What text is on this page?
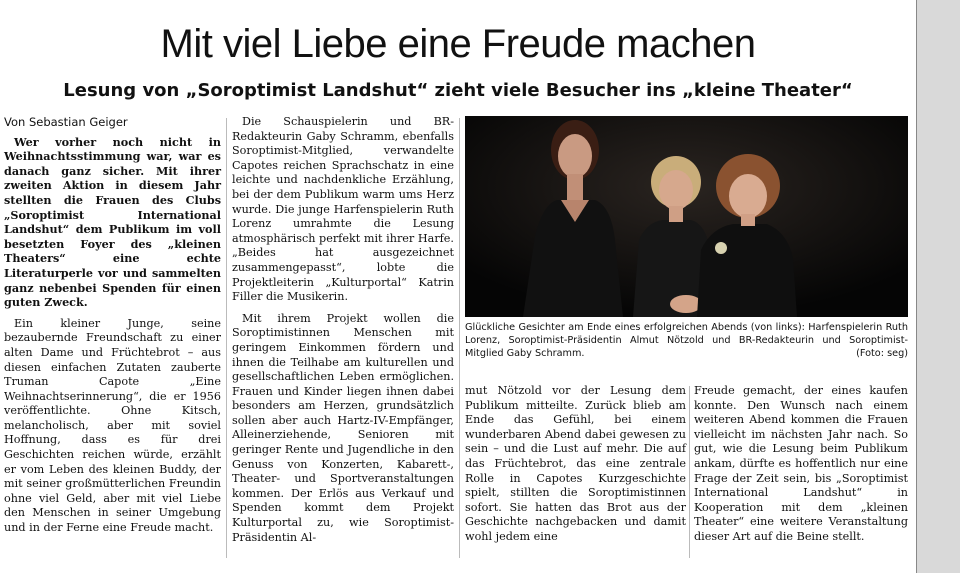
Mit viel Liebe eine Freude machen
Lesung von „Soroptimist Landshut“ zieht viele Besucher ins „kleine Theater“
Von Sebastian Geiger

Wer vorher noch nicht in Weihnachtsstimmung war, war es danach ganz sicher. Mit ihrer zweiten Aktion in diesem Jahr stellten die Frauen des Clubs „Soroptimist International Landshut“ dem Publikum im voll besetzten Foyer des „kleinen Theaters“ eine echte Literaturperle vor und sammelten ganz nebenbei Spenden für einen guten Zweck.

Ein kleiner Junge, seine bezaubernde Freundschaft zu einer alten Dame und Früchtebrot – aus diesen einfachen Zutaten zauberte Truman Capote „Eine Weihnachtserinnerung“, die er 1956 veröffentlichte. Ohne Kitsch, melancholisch, aber mit soviel Hoffnung, dass es für drei Geschichten reichen würde, erzählt er vom Leben des kleinen Buddy, der mit seiner großmütterlichen Freundin ohne viel Geld, aber mit viel Liebe den Menschen in seiner Umgebung und in der Ferne eine Freude macht.

Die Schauspielerin und BR-Redakteurin Gaby Schramm, ebenfalls Soroptimist-Mitglied, verwandelte Capotes reichen Sprachschatz in eine leichte und nachdenkliche Erzählung, bei der dem Publikum warm ums Herz wurde. Die junge Harfenspielerin Ruth Lorenz umrahmte die Lesung atmosphärisch perfekt mit ihrer Harfe. „Beides hat ausgezeichnet zusammengepasst“, lobte die Projektleiterin „Kulturportal“ Katrin Filler die Musikerin.

Mit ihrem Projekt wollen die Soroptimistinnen Menschen mit geringem Einkommen fördern und ihnen die Teilhabe am kulturellen und gesellschaftlichen Leben ermöglichen. Frauen und Kinder liegen ihnen dabei besonders am Herzen, grundsätzlich sollen aber auch Hartz-IV-Empfänger, Alleinerziehende, Senioren mit geringer Rente und Jugendliche in den Genuss von Konzerten, Kabarett-, Theater- und Sportveranstaltungen kommen. Der Erlös aus Verkauf und Spenden kommt dem Projekt Kulturportal zu, wie Soroptimist-Präsidentin Al-

Glückliche Gesichter am Ende eines erfolgreichen Abends (von links): Harfenspielerin Ruth Lorenz, Soroptimist-Präsidentin Almut Nötzold und BR-Redakteurin und Soroptimist-Mitglied Gaby Schramm.	(Foto: seg)

mut Nötzold vor der Lesung dem Publikum mitteilte. Zurück blieb am Ende das Gefühl, bei einem wunderbaren Abend dabei gewesen zu sein – und die Lust auf mehr. Die auf das Früchtebrot, das eine zentrale Rolle in Capotes Kurzgeschichte spielt, stillten die Soroptimistinnen sofort. Sie hatten das Brot aus der Geschichte nachgebacken und damit wohl jedem eine

Freude gemacht, der eines kaufen konnte. Den Wunsch nach einem weiteren Abend kommen die Frauen vielleicht im nächsten Jahr nach. So gut, wie die Lesung beim Publikum ankam, dürfte es hoffentlich nur eine Frage der Zeit sein, bis „Soroptimist International Landshut“ in Kooperation mit dem „kleinen Theater“ eine weitere Veranstaltung dieser Art auf die Beine stellt.
